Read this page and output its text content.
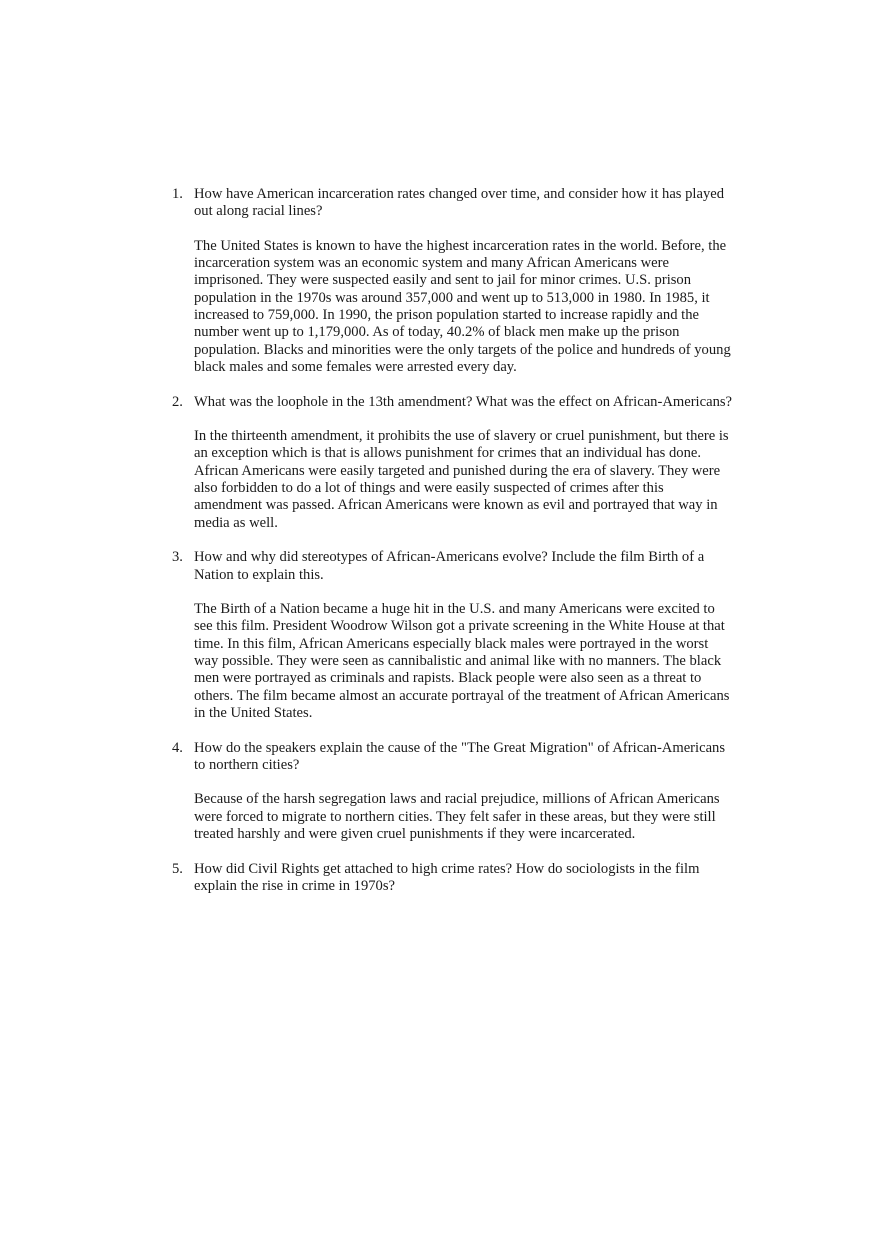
1. How have American incarceration rates changed over time, and consider how it has played out along racial lines?

The United States is known to have the highest incarceration rates in the world. Before, the incarceration system was an economic system and many African Americans were imprisoned. They were suspected easily and sent to jail for minor crimes. U.S. prison population in the 1970s was around 357,000 and went up to 513,000 in 1980. In 1985, it increased to 759,000. In 1990, the prison population started to increase rapidly and the number went up to 1,179,000. As of today, 40.2% of black men make up the prison population. Blacks and minorities were the only targets of the police and hundreds of young black males and some females were arrested every day.

2. What was the loophole in the 13th amendment? What was the effect on African-Americans?

In the thirteenth amendment, it prohibits the use of slavery or cruel punishment, but there is an exception which is that is allows punishment for crimes that an individual has done. African Americans were easily targeted and punished during the era of slavery. They were also forbidden to do a lot of things and were easily suspected of crimes after this amendment was passed. African Americans were known as evil and portrayed that way in media as well.

3. How and why did stereotypes of African-Americans evolve? Include the film Birth of a Nation to explain this.

The Birth of a Nation became a huge hit in the U.S. and many Americans were excited to see this film. President Woodrow Wilson got a private screening in the White House at that time. In this film, African Americans especially black males were portrayed in the worst way possible. They were seen as cannibalistic and animal like with no manners. The black men were portrayed as criminals and rapists. Black people were also seen as a threat to others. The film became almost an accurate portrayal of the treatment of African Americans in the United States.

4. How do the speakers explain the cause of the "The Great Migration" of African-Americans to northern cities?

Because of the harsh segregation laws and racial prejudice, millions of African Americans were forced to migrate to northern cities. They felt safer in these areas, but they were still treated harshly and were given cruel punishments if they were incarcerated.

5. How did Civil Rights get attached to high crime rates? How do sociologists in the film explain the rise in crime in 1970s?
